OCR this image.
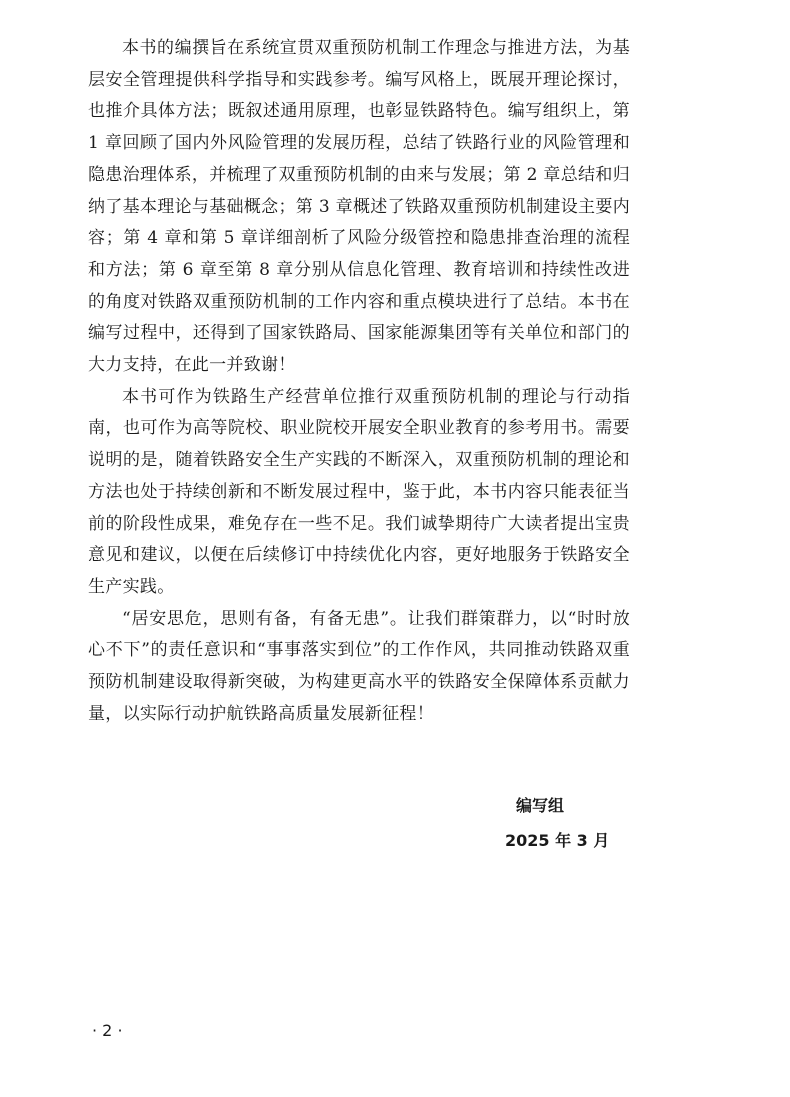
本书的编撰旨在系统宣贯双重预防机制工作理念与推进方法，为基层安全管理提供科学指导和实践参考。编写风格上，既展开理论探讨，也推介具体方法；既叙述通用原理，也彰显铁路特色。编写组织上，第 1 章回顾了国内外风险管理的发展历程，总结了铁路行业的风险管理和隐患治理体系，并梳理了双重预防机制的由来与发展；第 2 章总结和归纳了基本理论与基础概念；第 3 章概述了铁路双重预防机制建设主要内容；第 4 章和第 5 章详细剖析了风险分级管控和隐患排查治理的流程和方法；第 6 章至第 8 章分别从信息化管理、教育培训和持续性改进的角度对铁路双重预防机制的工作内容和重点模块进行了总结。本书在编写过程中，还得到了国家铁路局、国家能源集团等有关单位和部门的大力支持，在此一并致谢！

本书可作为铁路生产经营单位推行双重预防机制的理论与行动指南，也可作为高等院校、职业院校开展安全职业教育的参考用书。需要说明的是，随着铁路安全生产实践的不断深入，双重预防机制的理论和方法也处于持续创新和不断发展过程中，鉴于此，本书内容只能表征当前的阶段性成果，难免存在一些不足。我们诚挚期待广大读者提出宝贵意见和建议，以便在后续修订中持续优化内容，更好地服务于铁路安全生产实践。

“居安思危，思则有备，有备无患”。让我们群策群力，以“时时放心不下”的责任意识和“事事落实到位”的工作作风，共同推动铁路双重预防机制建设取得新突破，为构建更高水平的铁路安全保障体系贡献力量，以实际行动护航铁路高质量发展新征程！

编写组
2025 年 3 月
· 2 ·
